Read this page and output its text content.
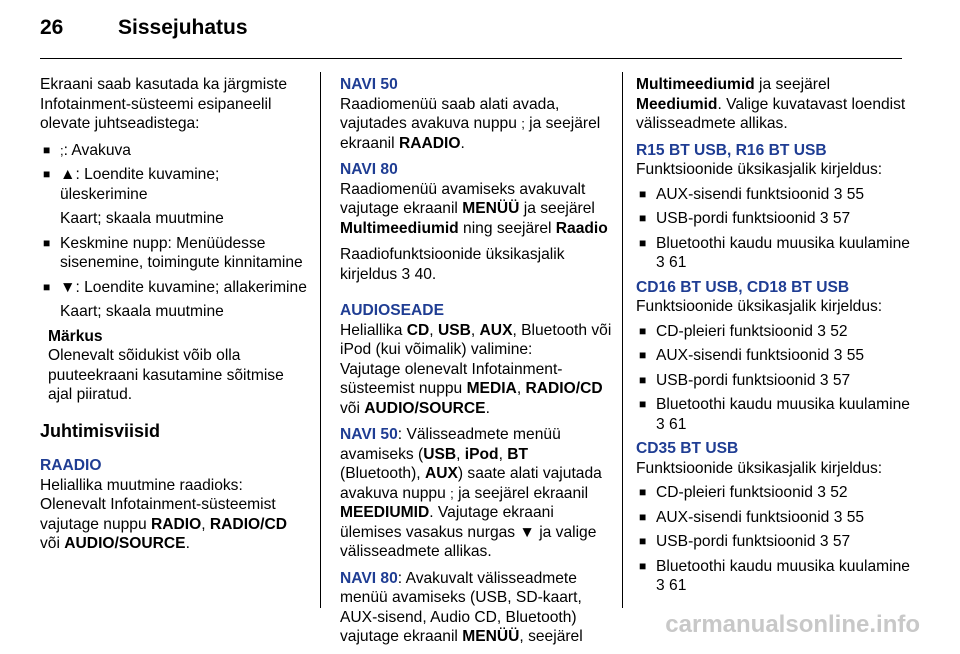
26	Sissejuhatus

Ekraani saab kasutada ka järgmiste Infotainment-süsteemi esipaneelil olevate juhtseadistega:

■ ;: Avakuva
■ ▲: Loendite kuvamine; üleskerimine
Kaart; skaala muutmine
■ Keskmine nupp: Menüüdesse sisenemine, toimingute kinnitamine
■ ▼: Loendite kuvamine; allakerimine
Kaart; skaala muutmine
Märkus
Olenevalt sõidukist võib olla puuteekraani kasutamine sõitmise ajal piiratud.
Juhtimisviisid
RAADIO
Heliallika muutmine raadioks:
Olenevalt Infotainment-süsteemist vajutage nuppu RADIO, RADIO/CD või AUDIO/SOURCE.
NAVI 50

Raadiomenüü saab alati avada, vajutades avakuva nuppu ; ja seejärel ekraanil RAADIO.

NAVI 80

Raadiomenüü avamiseks avakuvalt vajutage ekraanil MENÜÜ ja seejärel Multimeediumid ning seejärel Raadio

Raadiofunktsioonide üksikasjalik kirjeldus 3 40.

AUDIOSEADE

Heliallika CD, USB, AUX, Bluetooth või iPod (kui võimalik) valimine:

Vajutage olenevalt Infotainment-süsteemist nuppu MEDIA, RADIO/CD või AUDIO/SOURCE.

NAVI 50: Välisseadmete menüü avamiseks (USB, iPod, BT (Bluetooth), AUX) saate alati vajutada avakuva nuppu ; ja seejärel ekraanil MEEDIUMID. Vajutage ekraani ülemises vasakus nurgas ▼ ja valige välisseadmete allikas.

NAVI 80: Avakuvalt välisseadmete menüü avamiseks (USB, SD-kaart, AUX-sisend, Audio CD, Bluetooth) vajutage ekraanil MENÜÜ, seejärel

Multimeediumid ja seejärel Meediumid. Valige kuvatavast loendist välisseadmete allikas.

R15 BT USB, R16 BT USB

Funktsioonide üksikasjalik kirjeldus:

■ AUX-sisendi funktsioonid 3 55
■ USB-pordi funktsioonid 3 57
■ Bluetoothi kaudu muusika kuulamine 3 61
CD16 BT USB, CD18 BT USB

Funktsioonide üksikasjalik kirjeldus:

■ CD-pleieri funktsioonid 3 52
■ AUX-sisendi funktsioonid 3 55
■ USB-pordi funktsioonid 3 57
■ Bluetoothi kaudu muusika kuulamine 3 61
CD35 BT USB

Funktsioonide üksikasjalik kirjeldus:

■ CD-pleieri funktsioonid 3 52
■ AUX-sisendi funktsioonid 3 55
■ USB-pordi funktsioonid 3 57
■ Bluetoothi kaudu muusika kuulamine 3 61
carmanualsonline.info
